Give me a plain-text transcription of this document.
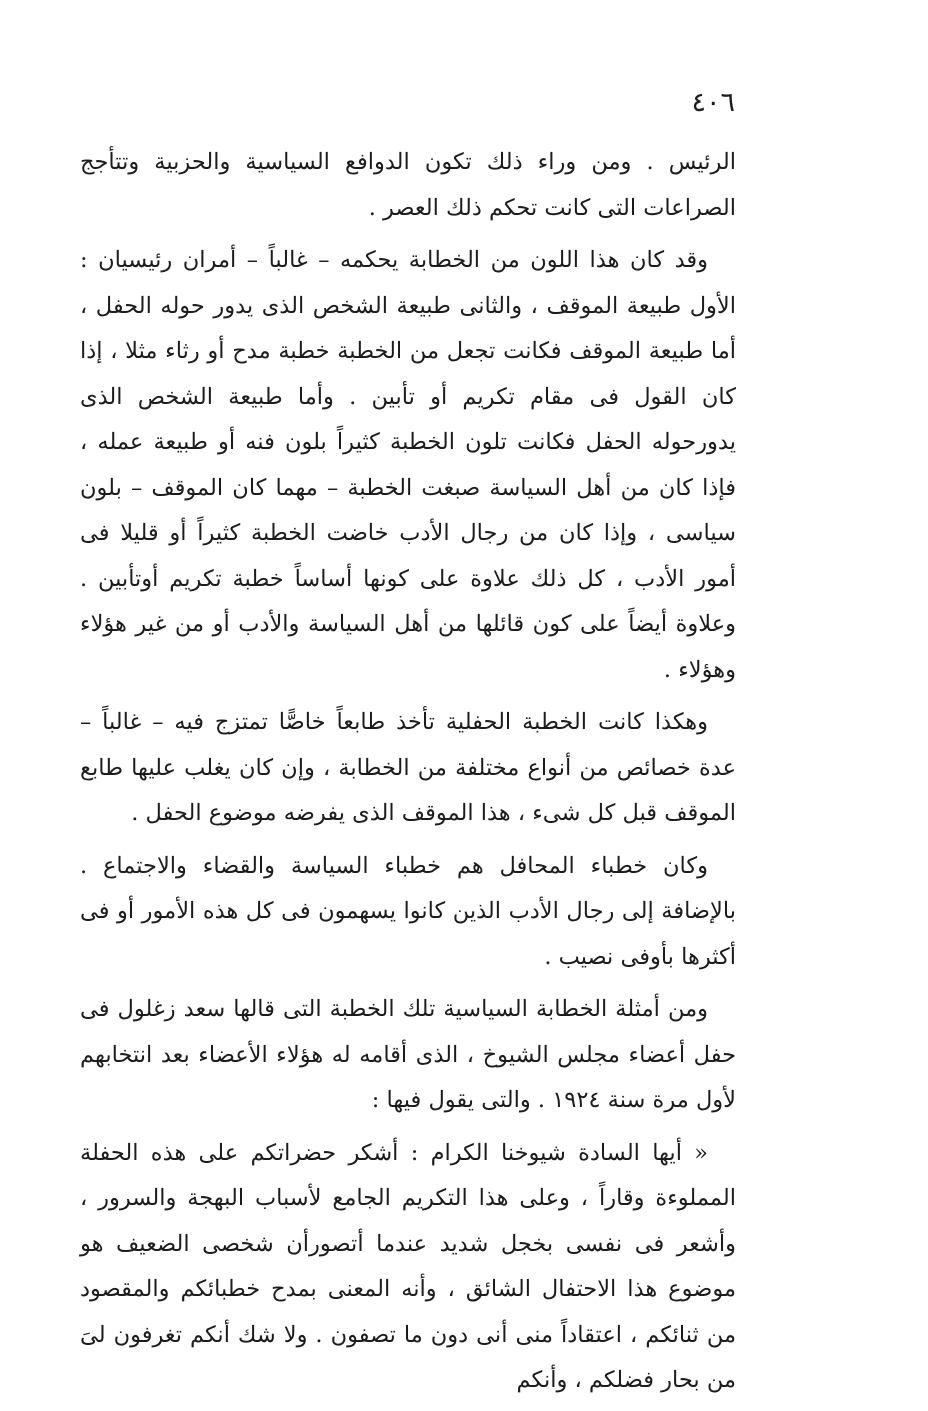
٤٠٦

الرئيس . ومن وراء ذلك تكون الدوافع السياسية والحزبية وتتأجج الصراعات التى كانت تحكم ذلك العصر .

وقد كان هذا اللون من الخطابة يحكمه – غالباً – أمران رئيسيان : الأول طبيعة الموقف ، والثانى طبيعة الشخص الذى يدور حوله الحفل ، أما طبيعة الموقف فكانت تجعل من الخطبة خطبة مدح أو رثاء مثلا ، إذا كان القول فى مقام تكريم أو تأبين . وأما طبيعة الشخص الذى يدورحوله الحفل فكانت تلون الخطبة كثيراً بلون فنه أو طبيعة عمله ، فإذا كان من أهل السياسة صبغت الخطبة – مهما كان الموقف – بلون سياسى ، وإذا كان من رجال الأدب خاضت الخطبة كثيراً أو قليلا فى أمور الأدب ، كل ذلك علاوة على كونها أساساً خطبة تكريم أوتأبين . وعلاوة أيضاً على كون قائلها من أهل السياسة والأدب أو من غير هؤلاء وهؤلاء .

وهكذا كانت الخطبة الحفلية تأخذ طابعاً خاصًّا تمتزج فيه – غالباً – عدة خصائص من أنواع مختلفة من الخطابة ، وإن كان يغلب عليها طابع الموقف قبل كل شىء ، هذا الموقف الذى يفرضه موضوع الحفل .

وكان خطباء المحافل هم خطباء السياسة والقضاء والاجتماع . بالإضافة إلى رجال الأدب الذين كانوا يسهمون فى كل هذه الأمور أو فى أكثرها بأوفى نصيب .

ومن أمثلة الخطابة السياسية تلك الخطبة التى قالها سعد زغلول فى حفل أعضاء مجلس الشيوخ ، الذى أقامه له هؤلاء الأعضاء بعد انتخابهم لأول مرة سنة ١٩٢٤ . والتى يقول فيها :

« أيها السادة شيوخنا الكرام : أشكر حضراتكم على هذه الحفلة المملوءة وقاراً ، وعلى هذا التكريم الجامع لأسباب البهجة والسرور ، وأشعر فى نفسى بخجل شديد عندما أتصورأن شخصى الضعيف هو موضوع هذا الاحتفال الشائق ، وأنه المعنى بمدح خطبائكم والمقصود من ثنائكم ، اعتقاداً منى أنى دون ما تصفون . ولا شك أنكم تغرفون لىَ من بحار فضلكم ، وأنكم
